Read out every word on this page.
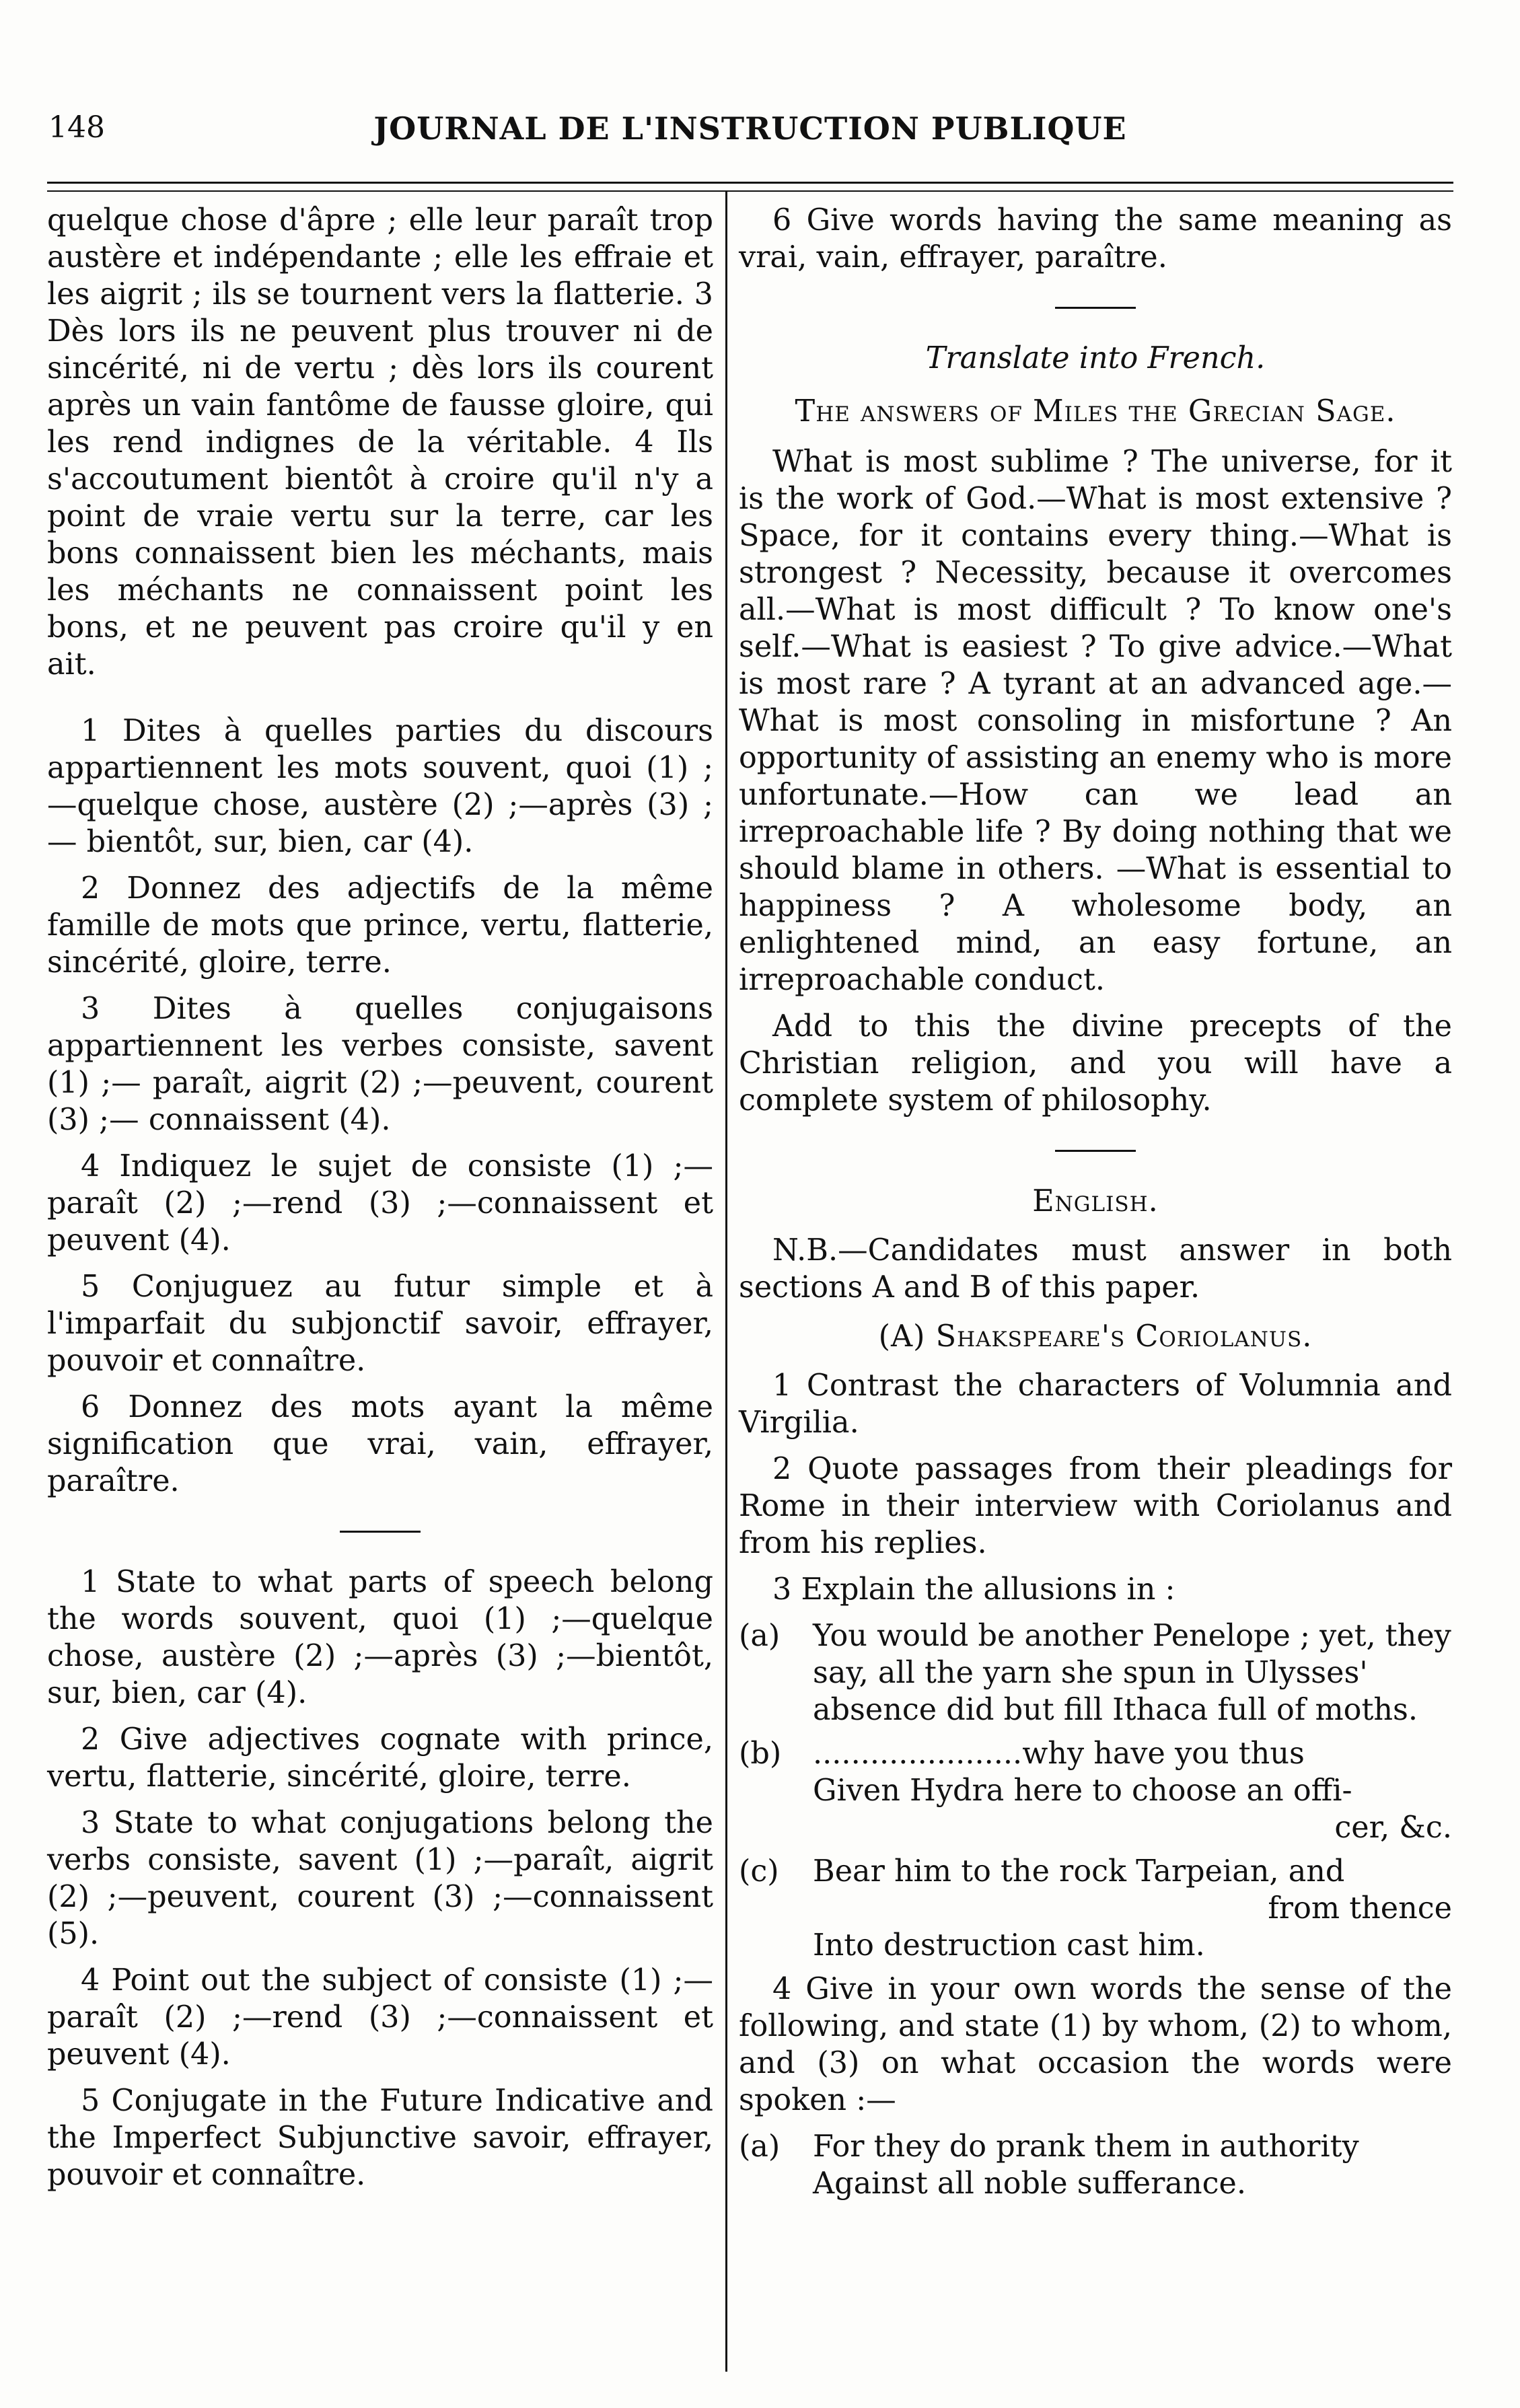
148	JOURNAL DE L'INSTRUCTION PUBLIQUE

quelque chose d'âpre ; elle leur paraît trop austère et indépendante ; elle les effraie et les aigrit ; ils se tournent vers la flatterie. 3 Dès lors ils ne peuvent plus trouver ni de sincérité, ni de vertu ; dès lors ils courent après un vain fantôme de fausse gloire, qui les rend indignes de la véritable. 4 Ils s'accoutument bientôt à croire qu'il n'y a point de vraie vertu sur la terre, car les bons connaissent bien les méchants, mais les méchants ne connaissent point les bons, et ne peuvent pas croire qu'il y en ait.

1 Dites à quelles parties du discours appartiennent les mots souvent, quoi (1) ; —quelque chose, austère (2) ;—après (3) ;— bientôt, sur, bien, car (4).

2 Donnez des adjectifs de la même famille de mots que prince, vertu, flatterie, sincérité, gloire, terre.

3 Dites à quelles conjugaisons appartiennent les verbes consiste, savent (1) ;— paraît, aigrit (2) ;—peuvent, courent (3) ;— connaissent (4).

4 Indiquez le sujet de consiste (1) ;— paraît (2) ;—rend (3) ;—connaissent et peuvent (4).

5 Conjuguez au futur simple et à l'imparfait du subjonctif savoir, effrayer, pouvoir et connaître.

6 Donnez des mots ayant la même signification que vrai, vain, effrayer, paraître.

1 State to what parts of speech belong the words souvent, quoi (1) ;—quelque chose, austère (2) ;—après (3) ;—bientôt, sur, bien, car (4).

2 Give adjectives cognate with prince, vertu, flatterie, sincérité, gloire, terre.

3 State to what conjugations belong the verbs consiste, savent (1) ;—paraît, aigrit (2) ;—peuvent, courent (3) ;—connaissent (5).

4 Point out the subject of consiste (1) ;— paraît (2) ;—rend (3) ;—connaissent et peuvent (4).

5 Conjugate in the Future Indicative and the Imperfect Subjunctive savoir, effrayer, pouvoir et connaître.

6 Give words having the same meaning as vrai, vain, effrayer, paraître.

Translate into French.

The answers of Miles the Grecian Sage.

What is most sublime ? The universe, for it is the work of God.—What is most extensive ? Space, for it contains every thing.—What is strongest ? Necessity, because it overcomes all.—What is most difficult ? To know one's self.—What is easiest ? To give advice.—What is most rare ? A tyrant at an advanced age.— What is most consoling in misfortune ? An opportunity of assisting an enemy who is more unfortunate.—How can we lead an irreproachable life ? By doing nothing that we should blame in others. —What is essential to happiness ? A wholesome body, an enlightened mind, an easy fortune, an irreproachable conduct.

Add to this the divine precepts of the Christian religion, and you will have a complete system of philosophy.

English.

N.B.—Candidates must answer in both sections A and B of this paper.

(A) Shakspeare's Coriolanus.

1 Contrast the characters of Volumnia and Virgilia.

2 Quote passages from their pleadings for Rome in their interview with Coriolanus and from his replies.

3 Explain the allusions in :

(a) You would be another Penelope ; yet, they say, all the yarn she spun in Ulysses' absence did but fill Ithaca full of moths.
(b) ......................why have you thus
Given Hydra here to choose an offi-
cer, &c.
(c) Bear him to the rock Tarpeian, and
from thence
Into destruction cast him.

4 Give in your own words the sense of the following, and state (1) by whom, (2) to whom, and (3) on what occasion the words were spoken :—

(a) For they do prank them in authority
Against all noble sufferance.
